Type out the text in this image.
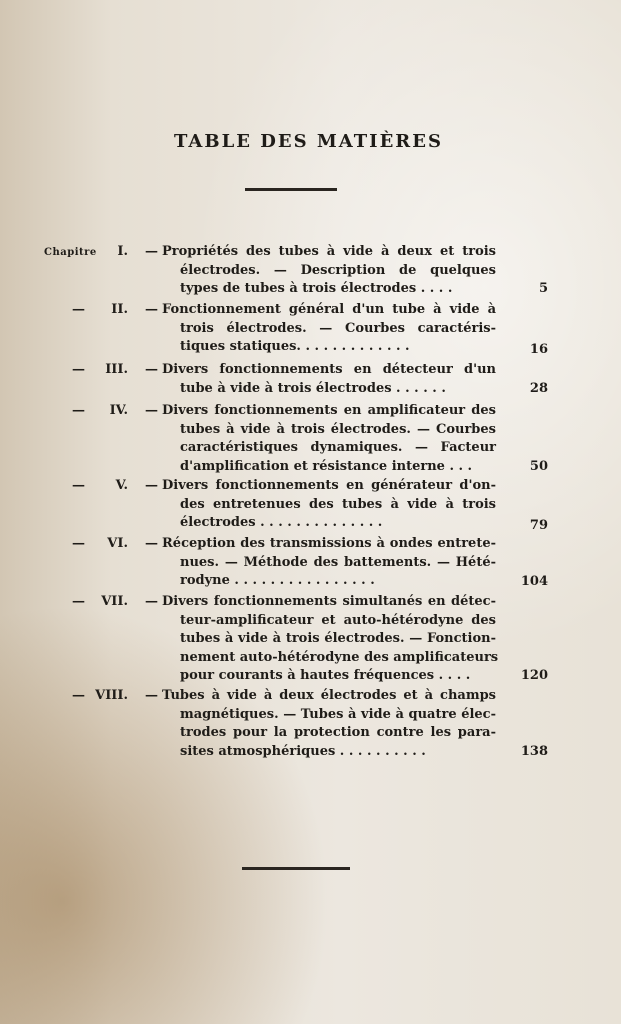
TABLE DES MATIÈRES
Chapitre I. — Propriétés des tubes à vide à deux et trois
électrodes. — Description de quelques
types de tubes à trois électrodes . . . .	5
— II. — Fonctionnement général d'un tube à vide à
trois électrodes. — Courbes caractéris-
tiques statiques. . . . . . . . . . . . .	16
— III. — Divers fonctionnements en détecteur d'un
tube à vide à trois électrodes . . . . . .	28
— IV. — Divers fonctionnements en amplificateur des
tubes à vide à trois électrodes. — Courbes
caractéristiques dynamiques. — Facteur
d'amplification et résistance interne . . .	50
— V. — Divers fonctionnements en générateur d'on-
des entretenues des tubes à vide à trois
électrodes . . . . . . . . . . . . . .	79
— VI. — Réception des transmissions à ondes entrete-
nues. — Méthode des battements. — Hété-
rodyne . . . . . . . . . . . . . . . .	104
— VII. — Divers fonctionnements simultanés en détec-
teur-amplificateur et auto-hétérodyne des
tubes à vide à trois électrodes. — Fonction-
nement auto-hétérodyne des amplificateurs
pour courants à hautes fréquences . . . .	120
— VIII. — Tubes à vide à deux électrodes et à champs
magnétiques. — Tubes à vide à quatre élec-
trodes pour la protection contre les para-
sites atmosphériques . . . . . . . . . .	138
